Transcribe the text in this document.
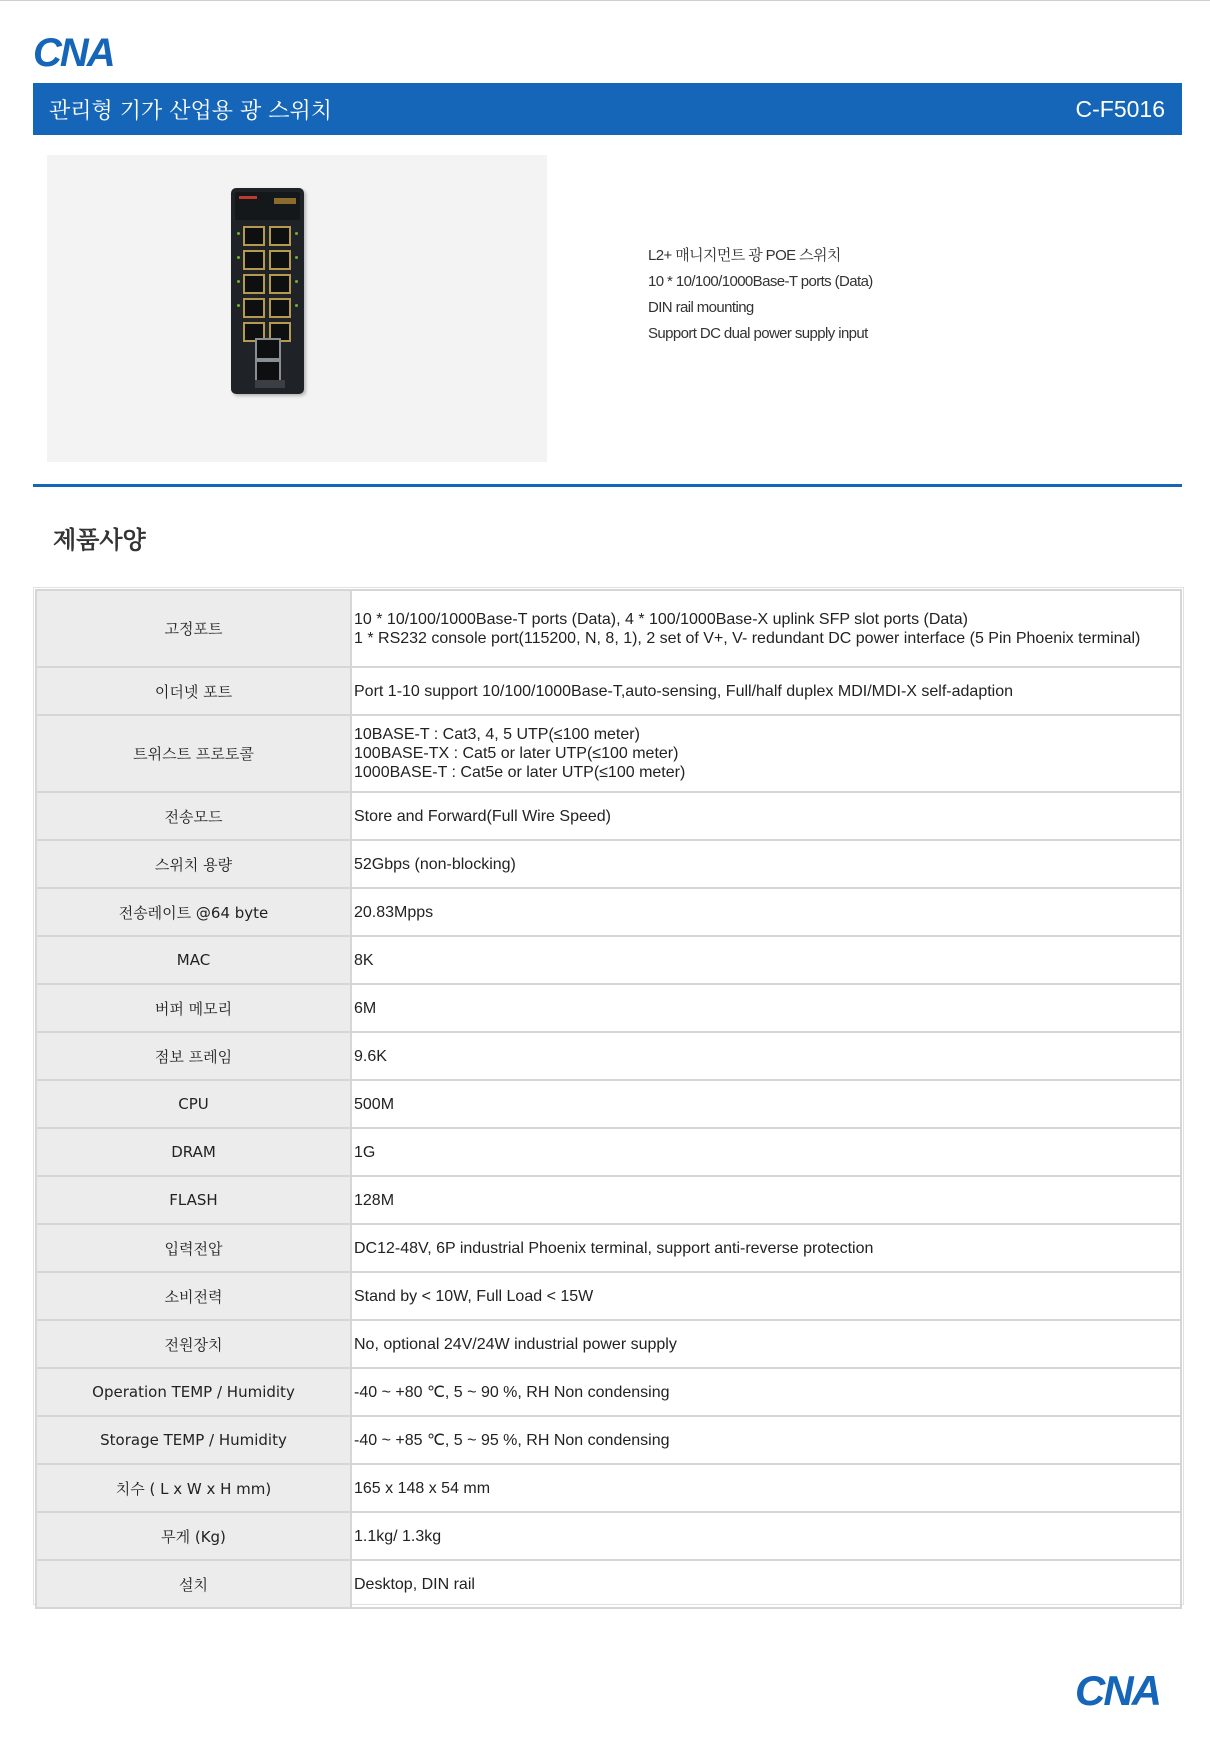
CNA
관리형 기가 산업용 광 스위치	C-F5016
L2+ 매니지먼트 광 POE 스위치
10 * 10/100/1000Base-T ports (Data)
DIN rail mounting
Support DC dual power supply input
제품사양
고정포트	10 * 10/100/1000Base-T ports (Data), 4 * 100/1000Base-X uplink SFP slot ports (Data)
1 * RS232 console port(115200, N, 8, 1), 2 set of V+, V- redundant DC power interface (5 Pin Phoenix terminal)

이더넷 포트	Port 1-10 support 10/100/1000Base-T,auto-sensing, Full/half duplex MDI/MDI-X self-adaption

트위스트 프로토콜	10BASE-T : Cat3, 4, 5 UTP(≤100 meter)
100BASE-TX : Cat5 or later UTP(≤100 meter)
1000BASE-T : Cat5e or later UTP(≤100 meter)

전송모드	Store and Forward(Full Wire Speed)

스위치 용량	52Gbps (non-blocking)

전송레이트 @64 byte	20.83Mpps

MAC	8K

버퍼 메모리	6M

점보 프레임	9.6K

CPU	500M

DRAM	1G

FLASH	128M

입력전압	DC12-48V, 6P industrial Phoenix terminal, support anti-reverse protection

소비전력	Stand by < 10W, Full Load < 15W

전원장치	No, optional 24V/24W industrial power supply

Operation TEMP / Humidity	-40 ~ +80 ℃, 5 ~ 90 %, RH Non condensing

Storage TEMP / Humidity	-40 ~ +85 ℃, 5 ~ 95 %, RH Non condensing

치수 ( L x W x H mm)	165 x 148 x 54 mm

무게 (Kg)	1.1kg/ 1.3kg

설치	Desktop, DIN rail
CNA
